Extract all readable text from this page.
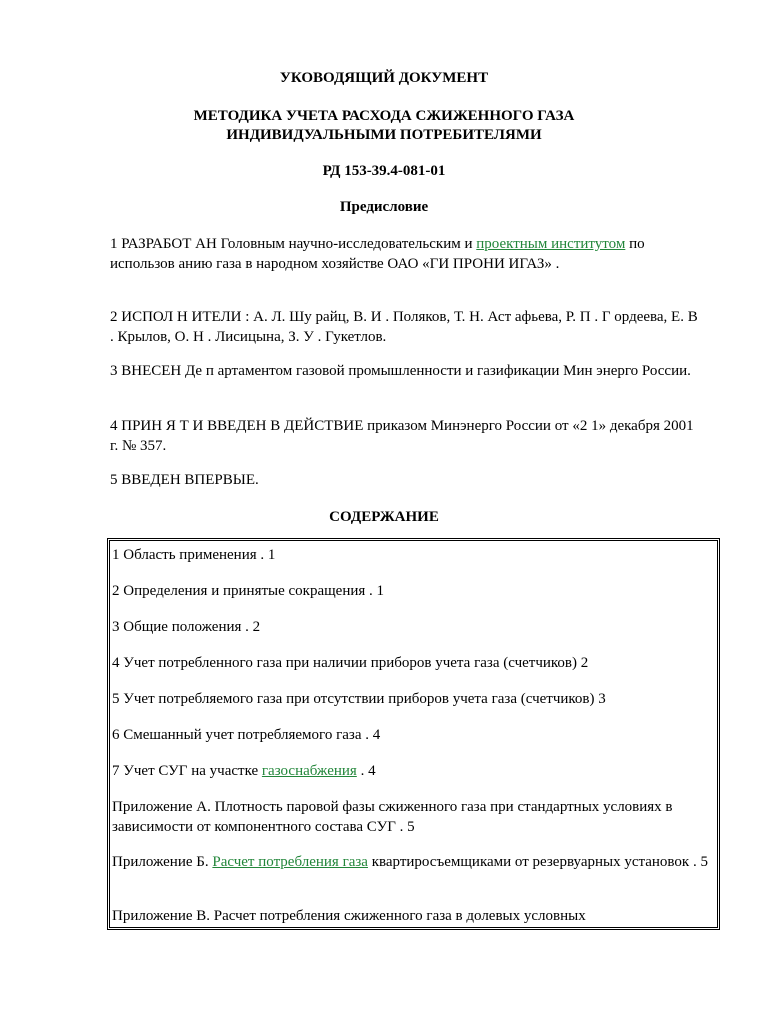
УКОВОДЯЩИЙ ДОКУМЕНТ

МЕТОДИКА УЧЕТА РАСХОДА СЖИЖЕННОГО ГАЗА

ИНДИВИДУАЛЬНЫМИ ПОТРЕБИТЕЛЯМИ

РД 153-39.4-081-01

Предисловие

1 РАЗРАБОТ АН Головным научно-исследовательским и проектным институтом по использов анию газа в народном хозяйстве ОАО «ГИ ПРОНИ ИГАЗ» .

2 ИСПОЛ Н ИТЕЛИ : А. Л. Шу райц, В. И . Поляков, Т. Н. Аст афьева, Р. П . Г ордеева, Е. В . Крылов, О. Н . Лисицына, З. У . Гукетлов.

3 ВНЕСЕН Де п артаментом газовой промышленности и газификации Мин энерго России.

4 ПРИН Я Т И ВВЕДЕН В ДЕЙСТВИЕ приказом Минэнерго России от «2 1» декабря 2001 г. № 357.

5 ВВЕДЕН ВПЕРВЫЕ.

СОДЕРЖАНИЕ

1 Область применения . 1

2 Определения и принятые сокращения . 1

3 Общие положения . 2

4 Учет потребленного газа при наличии приборов учета газа (счетчиков) 2

5 Учет потребляемого газа при отсутствии приборов учета газа (счетчиков) 3

6 Смешанный учет потребляемого газа . 4

7 Учет СУГ на участке газоснабжения . 4

Приложение А. Плотность паровой фазы сжиженного газа при стандартных условиях в зависимости от компонентного состава СУГ . 5

Приложение Б. Расчет потребления газа квартиросъемщиками от резервуарных установок . 5

Приложение В. Расчет потребления сжиженного газа в долевых условных
